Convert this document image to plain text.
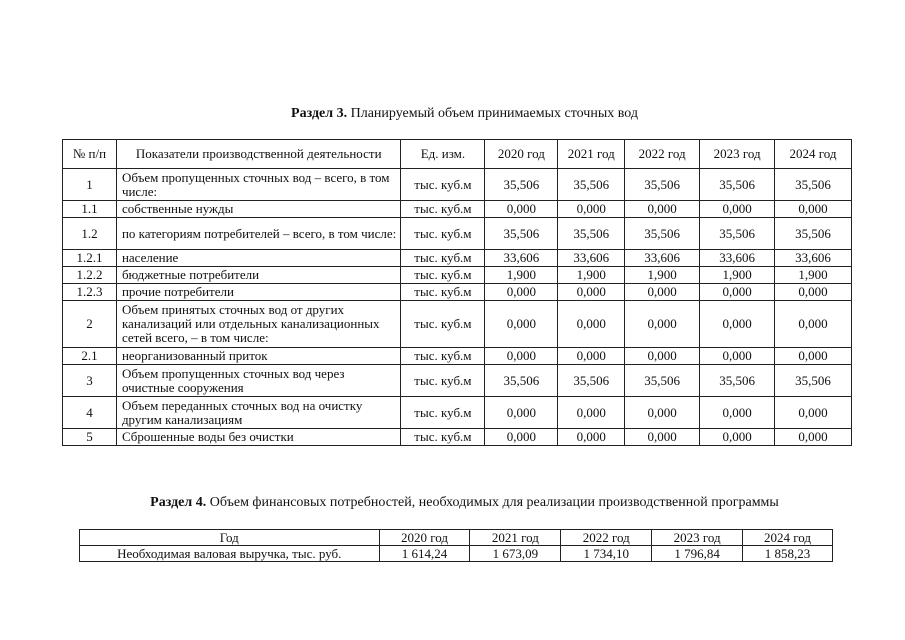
Раздел 3. Планируемый объем принимаемых сточных вод
№ п/п	Показатели производственной деятельности	Ед. изм.	2020 год	2021 год	2022 год	2023 год	2024 год
1	Объем пропущенных сточных вод – всего, в том числе:	тыс. куб.м	35,506	35,506	35,506	35,506	35,506
1.1	собственные нужды	тыс. куб.м	0,000	0,000	0,000	0,000	0,000
1.2	по категориям потребителей – всего, в том числе:	тыс. куб.м	35,506	35,506	35,506	35,506	35,506
1.2.1	население	тыс. куб.м	33,606	33,606	33,606	33,606	33,606
1.2.2	бюджетные потребители	тыс. куб.м	1,900	1,900	1,900	1,900	1,900
1.2.3	прочие потребители	тыс. куб.м	0,000	0,000	0,000	0,000	0,000
2	Объем принятых сточных вод от других канализаций или отдельных канализационных сетей всего, – в том числе:	тыс. куб.м	0,000	0,000	0,000	0,000	0,000
2.1	неорганизованный приток	тыс. куб.м	0,000	0,000	0,000	0,000	0,000
3	Объем пропущенных сточных вод через очистные сооружения	тыс. куб.м	35,506	35,506	35,506	35,506	35,506
4	Объем переданных сточных вод на очистку другим канализациям	тыс. куб.м	0,000	0,000	0,000	0,000	0,000
5	Сброшенные воды без очистки	тыс. куб.м	0,000	0,000	0,000	0,000	0,000
Раздел 4. Объем финансовых потребностей, необходимых для реализации производственной программы
Год	2020 год	2021 год	2022 год	2023 год	2024 год
Необходимая валовая выручка, тыс. руб.	1 614,24	1 673,09	1 734,10	1 796,84	1 858,23
